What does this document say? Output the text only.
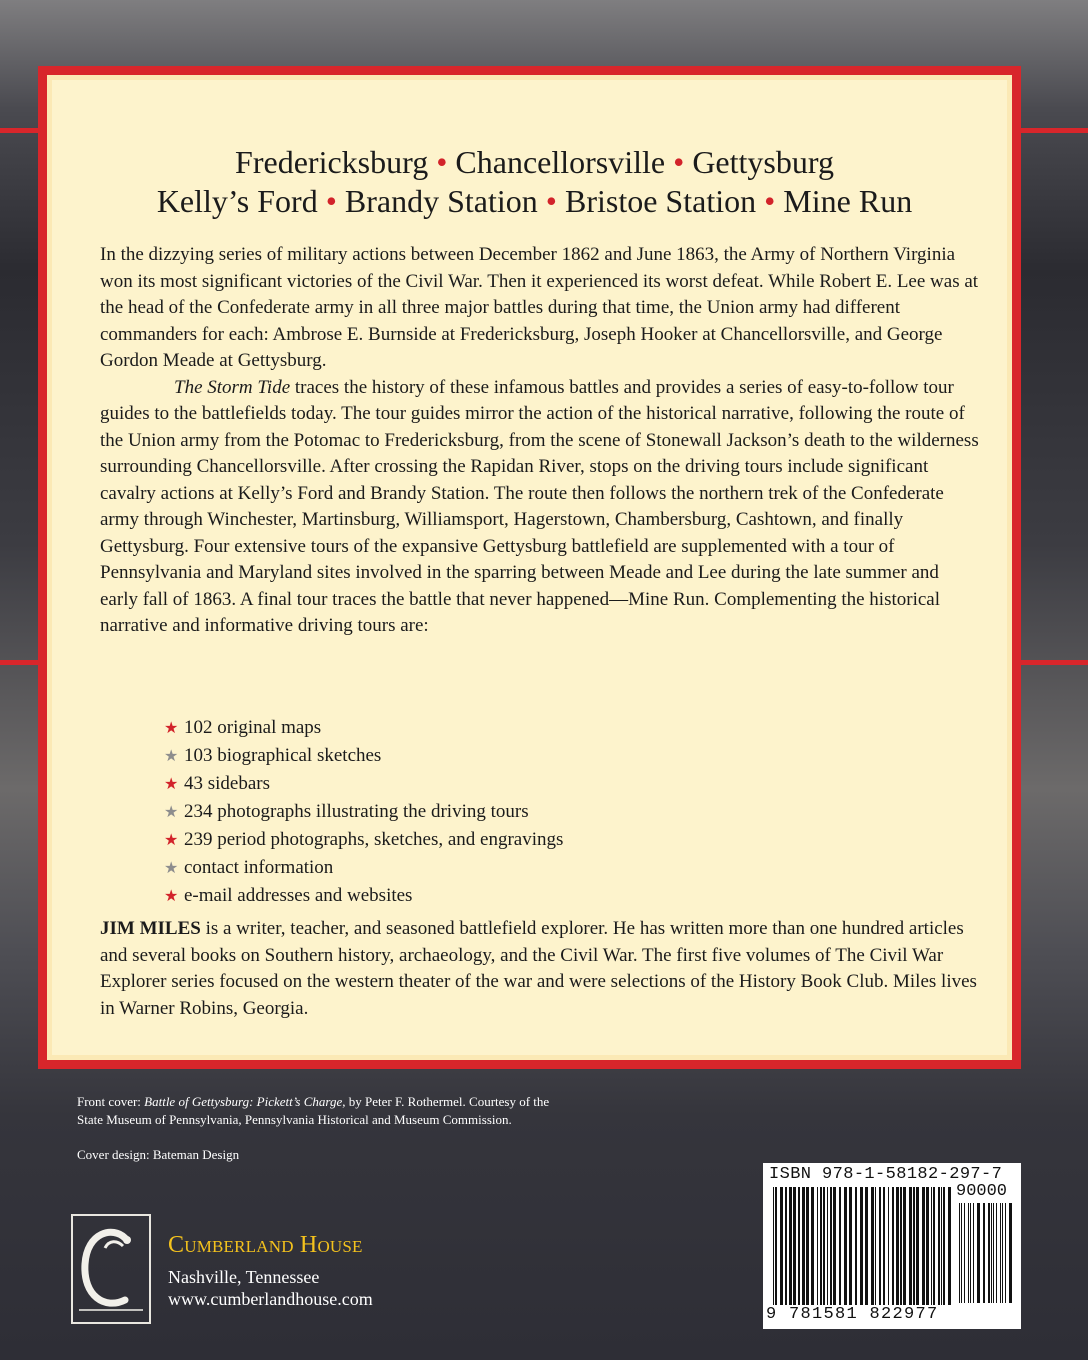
Fredericksburg • Chancellorsville • Gettysburg
Kelly’s Ford • Brandy Station • Bristoe Station • Mine Run

In the dizzying series of military actions between December 1862 and June 1863, the Army of Northern Virginia won its most significant victories of the Civil War. Then it experienced its worst defeat. While Robert E. Lee was at the head of the Confederate army in all three major battles during that time, the Union army had different commanders for each: Ambrose E. Burnside at Fredericksburg, Joseph Hooker at Chancellorsville, and George Gordon Meade at Gettysburg.

The Storm Tide traces the history of these infamous battles and provides a series of easy-to-follow tour guides to the battlefields today. The tour guides mirror the action of the historical narrative, following the route of the Union army from the Potomac to Fredericksburg, from the scene of Stonewall Jackson’s death to the wilderness surrounding Chancellorsville. After crossing the Rapidan River, stops on the driving tours include significant cavalry actions at Kelly’s Ford and Brandy Station. The route then follows the northern trek of the Confederate army through Winchester, Martinsburg, Williamsport, Hagerstown, Chambersburg, Cashtown, and finally Gettysburg. Four extensive tours of the expansive Gettysburg battlefield are supplemented with a tour of Pennsylvania and Maryland sites involved in the sparring between Meade and Lee during the late summer and early fall of 1863. A final tour traces the battle that never happened—Mine Run. Complementing the historical narrative and informative driving tours are:

★ 102 original maps
★ 103 biographical sketches
★ 43 sidebars
★ 234 photographs illustrating the driving tours
★ 239 period photographs, sketches, and engravings
★ contact information
★ e-mail addresses and websites

JIM MILES is a writer, teacher, and seasoned battlefield explorer. He has written more than one hundred articles and several books on Southern history, archaeology, and the Civil War. The first five volumes of The Civil War Explorer series focused on the western theater of the war and were selections of the History Book Club. Miles lives in Warner Robins, Georgia.

Front cover: Battle of Gettysburg: Pickett’s Charge, by Peter F. Rothermel. Courtesy of the
State Museum of Pennsylvania, Pennsylvania Historical and Museum Commission.
Cover design: Bateman Design
CUMBERLAND HOUSE
Nashville, Tennessee
www.cumberlandhouse.com
ISBN 978-1-58182-297-7
90000
9 781581 822977
